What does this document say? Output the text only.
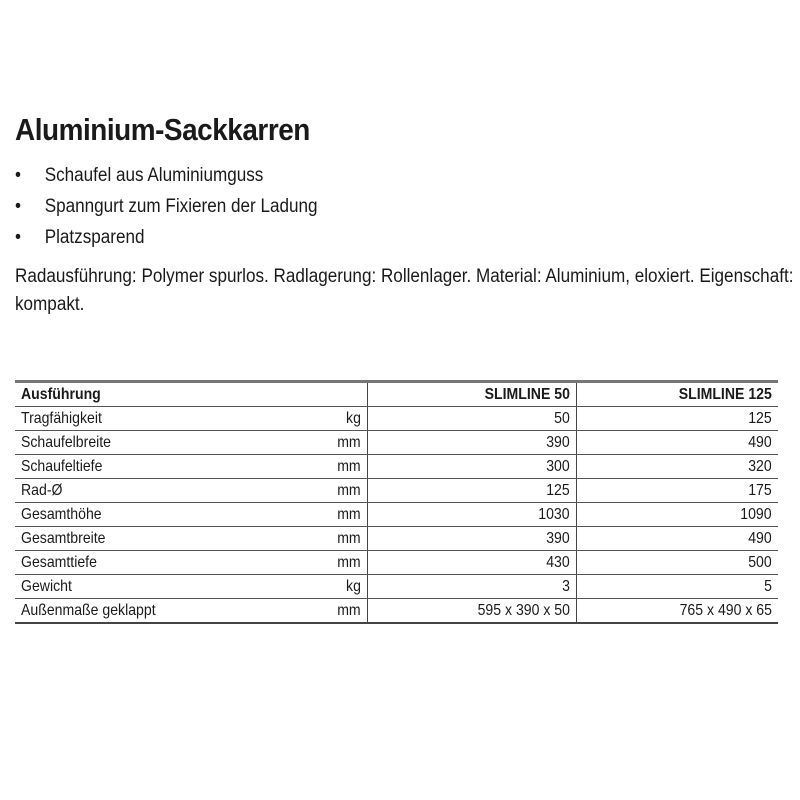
Aluminium-Sackkarren
• Schaufel aus Aluminiumguss
• Spanngurt zum Fixieren der Ladung
• Platzsparend
Radausführung: Polymer spurlos. Radlagerung: Rollenlager. Material: Aluminium, eloxiert. Eigenschaft: kompakt.
Ausführung		SLIMLINE 50	SLIMLINE 125
Tragfähigkeit	kg	50	125
Schaufelbreite	mm	390	490
Schaufeltiefe	mm	300	320
Rad-Ø	mm	125	175
Gesamthöhe	mm	1030	1090
Gesamtbreite	mm	390	490
Gesamttiefe	mm	430	500
Gewicht	kg	3	5
Außenmaße geklappt	mm	595 x 390 x 50	765 x 490 x 65
